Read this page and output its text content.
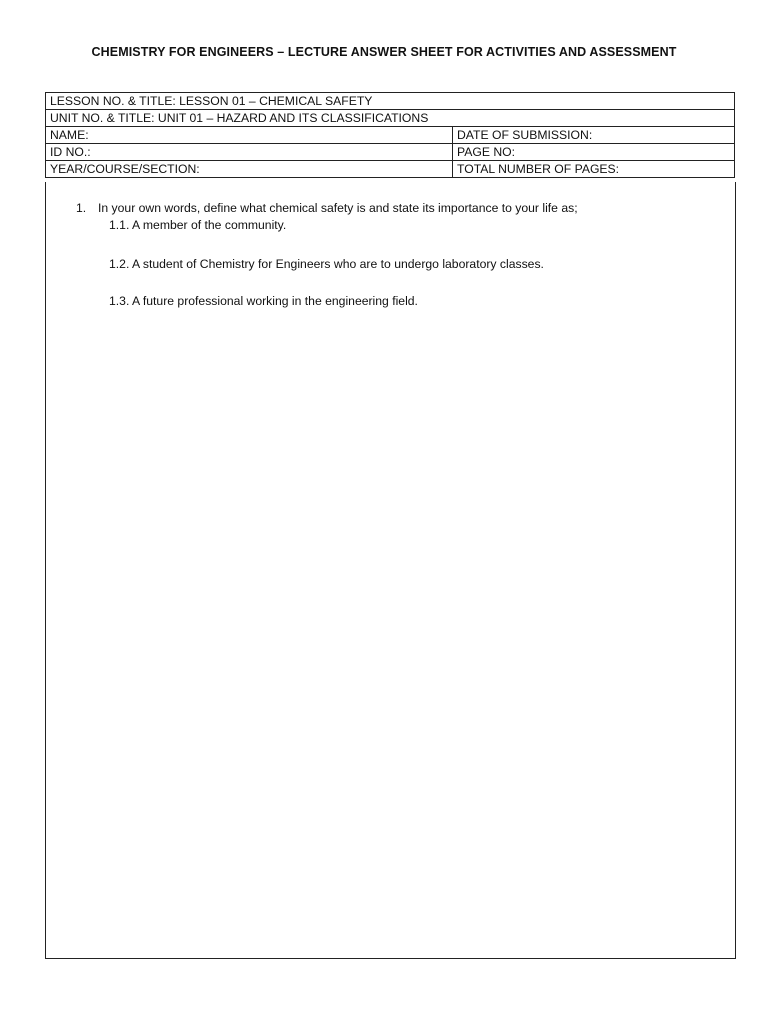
CHEMISTRY FOR ENGINEERS – LECTURE ANSWER SHEET FOR ACTIVITIES AND ASSESSMENT
LESSON NO. & TITLE: LESSON 01 – CHEMICAL SAFETY	
UNIT NO. & TITLE: UNIT 01 – HAZARD AND ITS CLASSIFICATIONS	
NAME:	DATE OF SUBMISSION:
ID NO.:	PAGE NO:
YEAR/COURSE/SECTION:	TOTAL NUMBER OF PAGES:
1. In your own words, define what chemical safety is and state its importance to your life as;
1.1. A member of the community.
1.2. A student of Chemistry for Engineers who are to undergo laboratory classes.
1.3. A future professional working in the engineering field.
